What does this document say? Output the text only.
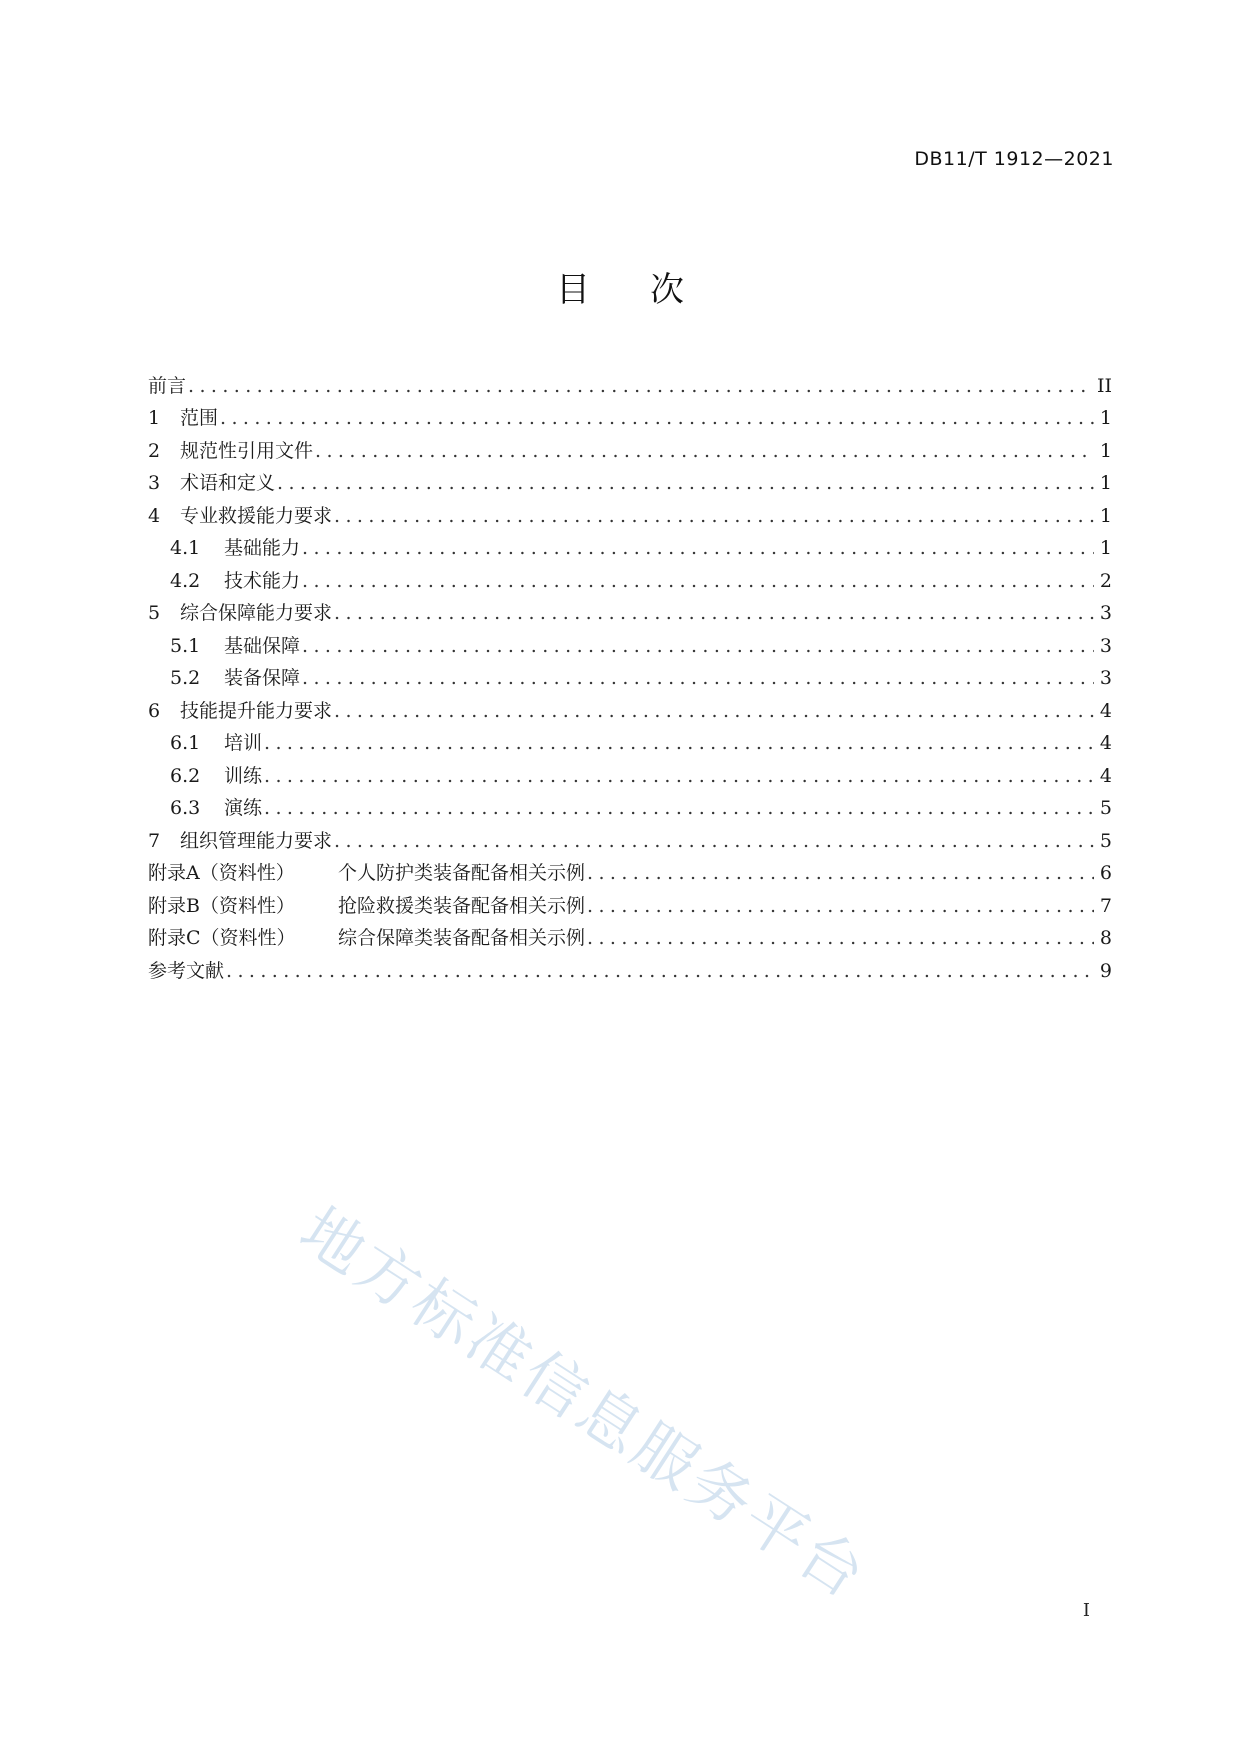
DB11/T 1912—2021
目次
前言 .....	II
1	范围 .....	1
2	规范性引用文件 .....	1
3	术语和定义 .....	1
4	专业救援能力要求 .....	1
4.1	基础能力 .....	1
4.2	技术能力 .....	2
5	综合保障能力要求 .....	3
5.1	基础保障 .....	3
5.2	装备保障 .....	3
6	技能提升能力要求 .....	4
6.1	培训 .....	4
6.2	训练 .....	4
6.3	演练 .....	5
7	组织管理能力要求 .....	5
附录A（资料性）	个人防护类装备配备相关示例 .....	6
附录B（资料性）	抢险救援类装备配备相关示例 .....	7
附录C（资料性）	综合保障类装备配备相关示例 .....	8
参考文献 .....	9
地方标准信息服务平台	I
